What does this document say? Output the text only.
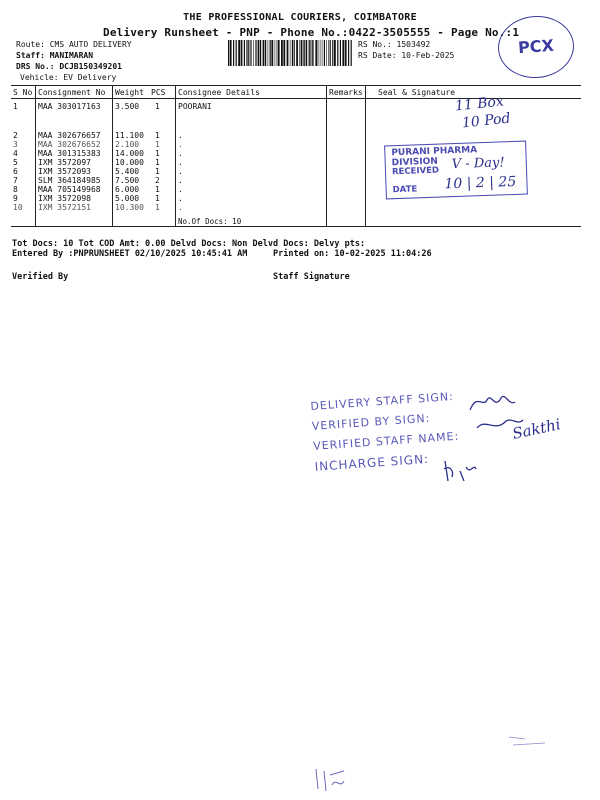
THE PROFESSIONAL COURIERS, COIMBATORE
Delivery Runsheet - PNP - Phone No.:0422-3505555 - Page No.:1
Route: CMS AUTO DELIVERY
Staff: MANIMARAN
DRS No.: DCJB150349201
Vehicle: EV Delivery
RS No.: 1503492
RS Date: 10-Feb-2025	PCX
S No	Consignment No	Weight	PCS	Consignee Details	Remarks	Seal & Signature
1	MAA 303017163	3.500	1	POORANI		

2	MAA 302676657	11.100	1	.		
3	MAA 302676652	2.100	1	.		
4	MAA 301315383	14.000	1	.		
5	IXM 3572097	10.000	1	.		
6	IXM 3572093	5.400	1	.		
7	SLM 364184985	7.500	2	.		
8	MAA 705149968	6.000	1	.		
9	IXM 3572098	5.000	1	.		
10	IXM 3572151	10.300	1	.		
				No.Of Docs: 10		
Tot Docs: 10 Tot COD Amt: 0.00 Delvd Docs: Non Delvd Docs: Delvy pts:
Entered By :PNPRUNSHEET 02/10/2025 10:45:41 AM	Printed on: 10-02-2025 11:04:26
Verified By	Staff Signature
11 Box
10 Pod
PURANI PHARMA DIVISION
RECEIVED
DATE
V - Day!
10 | 2 | 25
DELIVERY STAFF SIGN:
VERIFIED BY SIGN:
VERIFIED STAFF NAME:
INCHARGE SIGN:
Sakthi
